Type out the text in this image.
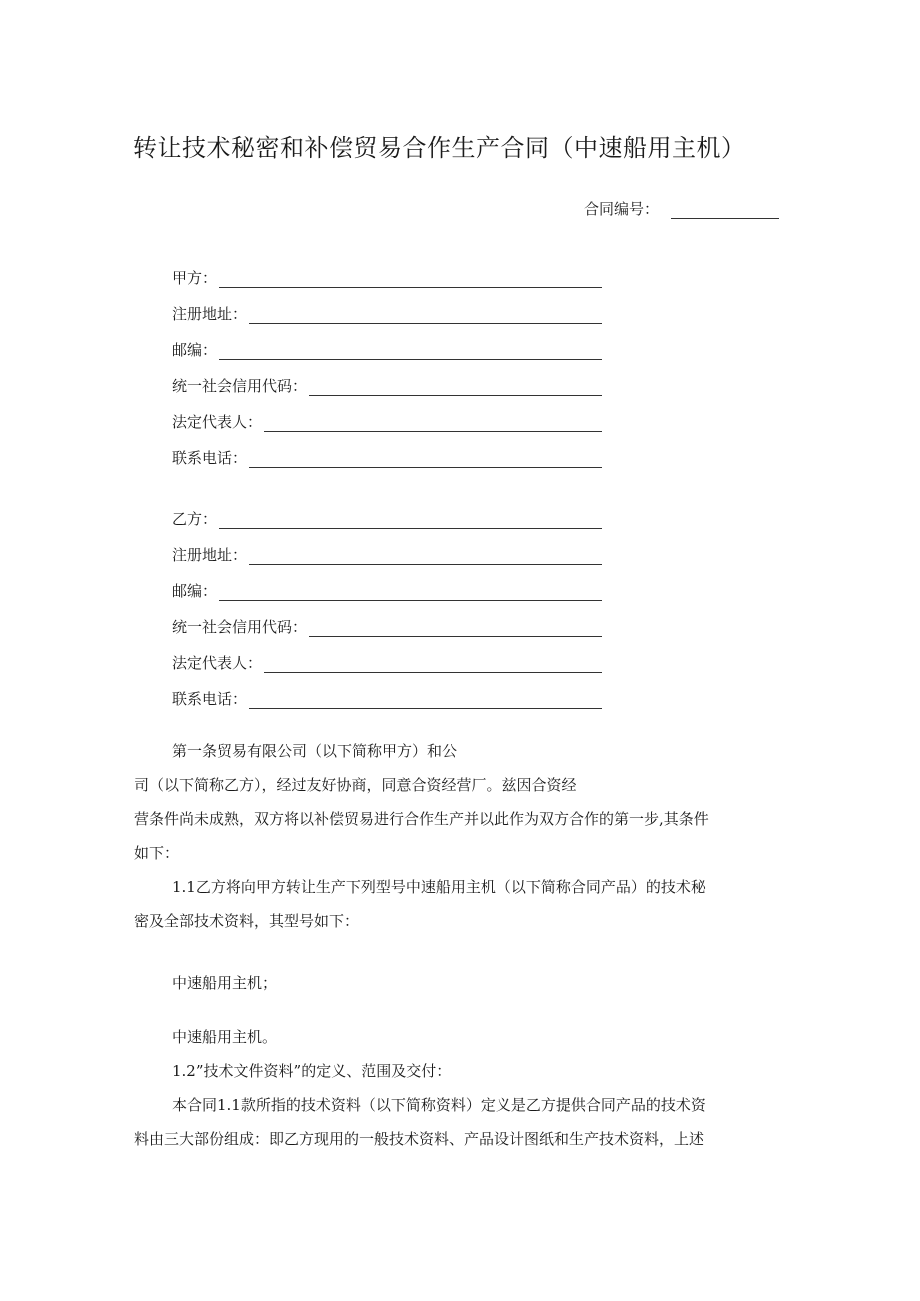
转让技术秘密和补偿贸易合作生产合同（中速船用主机）
合同编号：
甲方：
注册地址：
邮编：
统一社会信用代码：
法定代表人：
联系电话：
乙方：
注册地址：
邮编：
统一社会信用代码：
法定代表人：
联系电话：

第一条贸易有限公司（以下简称甲方）和公

司（以下简称乙方），经过友好协商，同意合资经营厂。兹因合资经

营条件尚未成熟，双方将以补偿贸易进行合作生产并以此作为双方合作的第一步,其条件

如下：

1.1乙方将向甲方转让生产下列型号中速船用主机（以下简称合同产品）的技术秘

密及全部技术资料，其型号如下：

中速船用主机；

中速船用主机。

1.2”技术文件资料”的定义、范围及交付：

本合同1.1款所指的技术资料（以下简称资料）定义是乙方提供合同产品的技术资

料由三大部份组成：即乙方现用的一般技术资料、产品设计图纸和生产技术资料，上述
